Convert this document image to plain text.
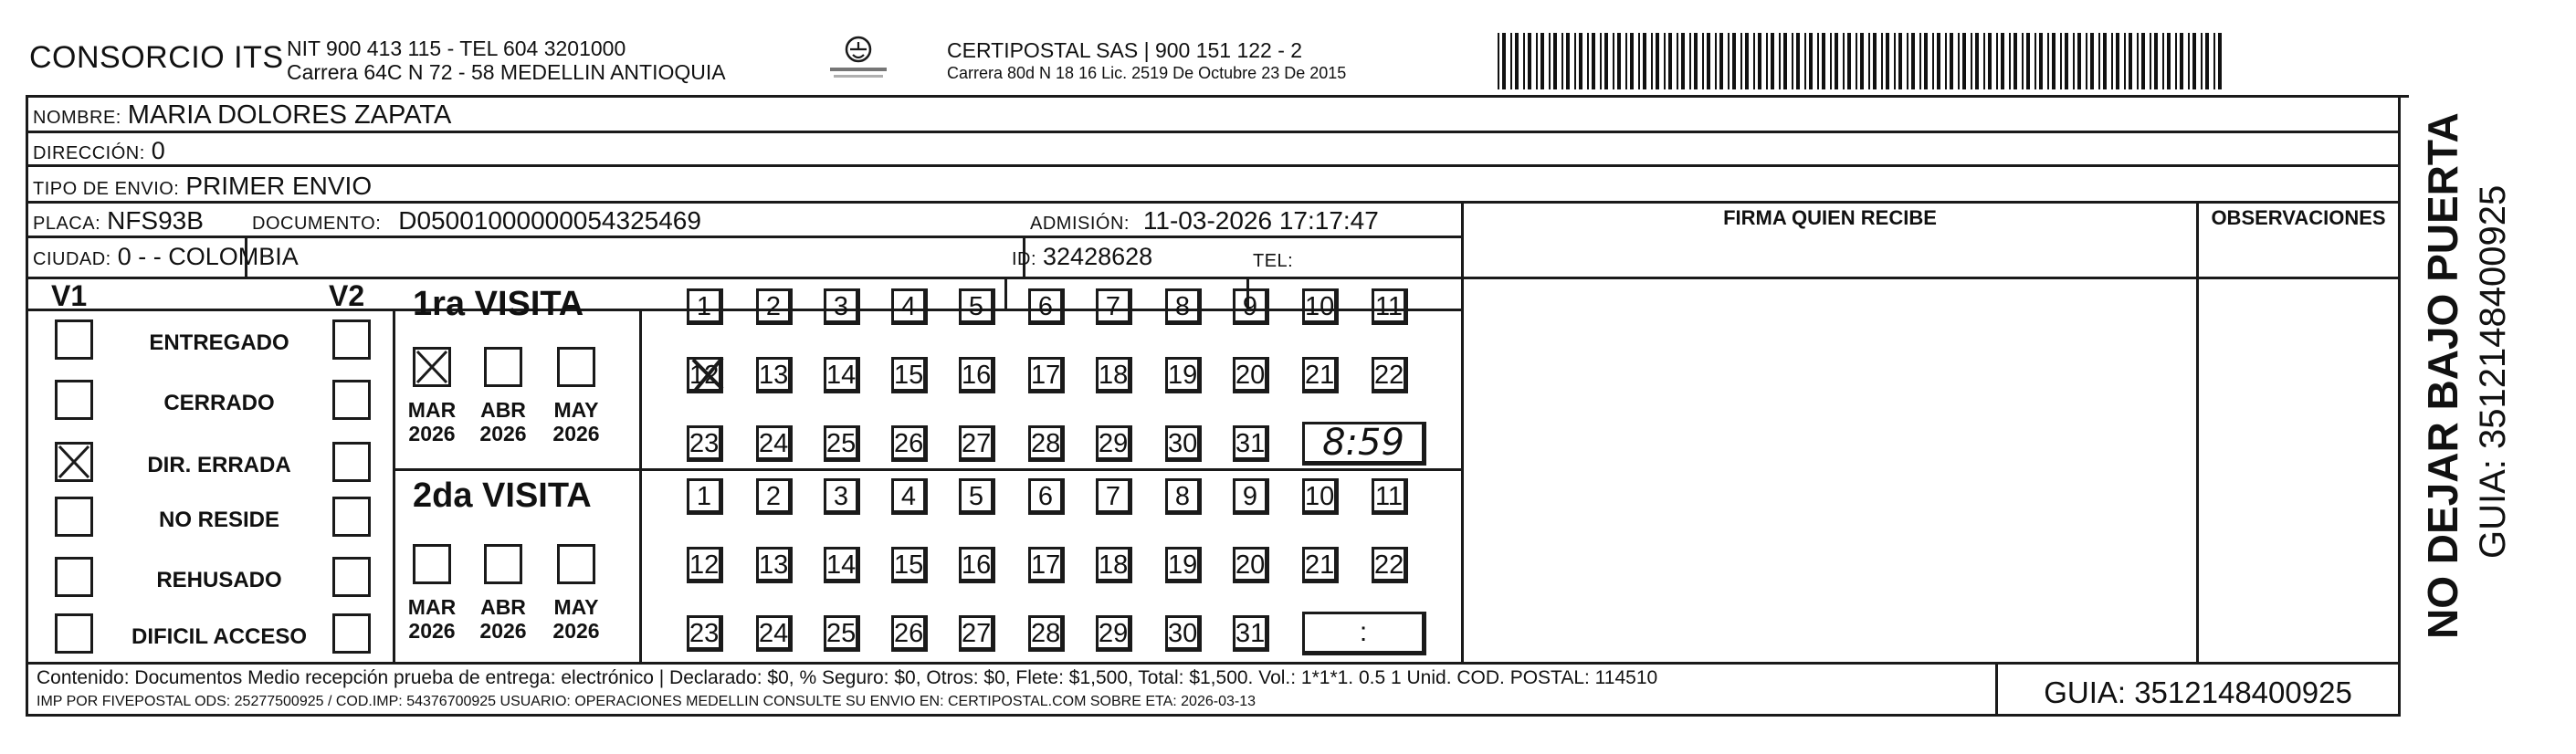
CONSORCIO ITS NIT 900 413 115 - TEL 604 3201000
Carrera 64C N 72 - 58 MEDELLIN ANTIOQUIA
CERTIPOSTAL SAS | 900 151 122 - 2
Carrera 80d N 18 16 Lic. 2519 De Octubre 23 De 2015
NOMBRE: MARIA DOLORES ZAPATA
DIRECCIÓN: 0
TIPO DE ENVIO: PRIMER ENVIO
PLACA: NFS93B	DOCUMENTO: D05001000000054325469	ADMISIÓN: 11-03-2026 17:17:47
CIUDAD: 0 - - COLOMBIA	ID: 32428628	TEL:
FIRMA QUIEN RECIBE	OBSERVACIONES
V1	V2
ENTREGADO
CERRADO
DIR. ERRADA
NO RESIDE
REHUSADO
DIFICIL ACCESO
1ra VISITA
2da VISITA
MAR
2026
ABR
2026
MAY
2026
1	2	3	4	5	6	7	8	9	10 11
12 13 14 15 16 17 18 19 20 21 22
23 24 25 26 27 28 29 30 31	8:59
MAR
2026
ABR
2026
MAY
2026
1	2	3	4	5	6	7	8	9	10 11
12 13 14 15 16 17 18 19 20 21 22
23 24 25 26 27 28 29 30 31	:
Contenido: Documentos Medio recepción prueba de entrega: electrónico | Declarado: $0, % Seguro: $0, Otros: $0, Flete: $1,500, Total: $1,500. Vol.: 1*1*1. 0.5 1 Unid. COD. POSTAL: 114510
IMP POR FIVEPOSTAL ODS: 25277500925 / COD.IMP: 54376700925 USUARIO: OPERACIONES MEDELLIN CONSULTE SU ENVIO EN: CERTIPOSTAL.COM SOBRE ETA: 2026-03-13	GUIA: 3512148400925
NO DEJAR BAJO PUERTA GUIA: 3512148400925
